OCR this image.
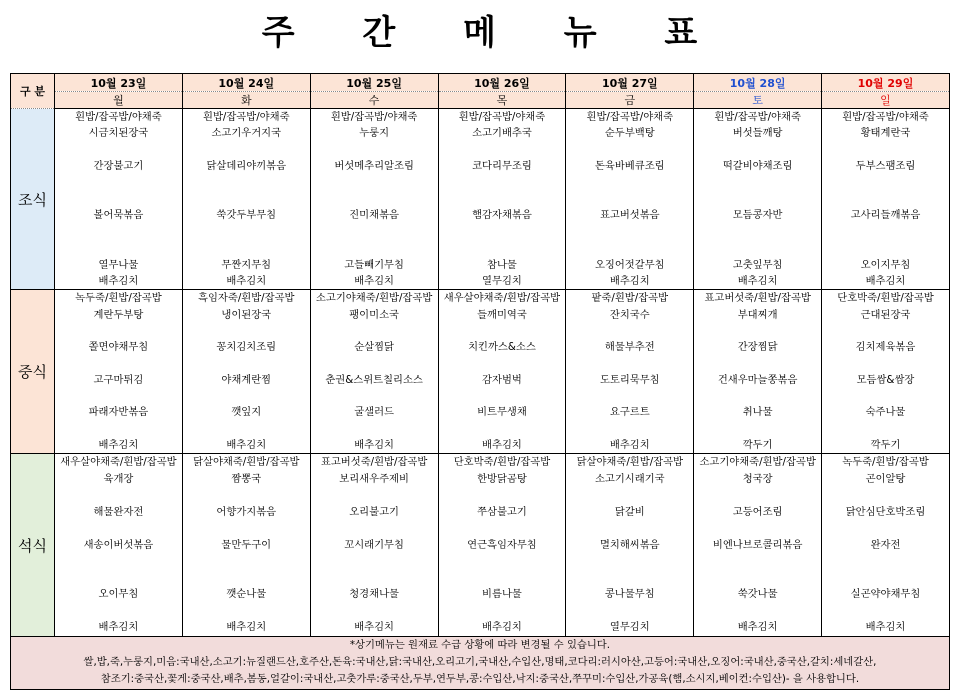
주 간 메 뉴 표
구 분	10월 23일	10월 24일	10월 25일	10월 26일	10월 27일	10월 28일	10월 29일
	월	화	수	목	금	토	일
조식	흰밥/잡곡밥/야채죽	흰밥/잡곡밥/야채죽	흰밥/잡곡밥/야채죽	흰밥/잡곡밥/야채죽	흰밥/잡곡밥/야채죽	흰밥/잡곡밥/야채죽	흰밥/잡곡밥/야채죽
	시금치된장국	소고기우거지국	누룽지	소고기배추국	순두부백탕	버섯들깨탕	황태계란국

	간장불고기	닭살데리야끼볶음	버섯메추리알조림	코다리무조림	돈육바베큐조림	떡갈비야채조림	두부스팸조림

	볼어묵볶음	쑥갓두부무침	진미채볶음	햄감자채볶음	표고버섯볶음	모듬콩자반	고사리들깨볶음

	열무나물	무짠지무침	고들빼기무침	참나물	오징어젓갈무침	고춧잎무침	오이지무침
	배추김치	배추김치	배추김치	열무김치	배추김치	배추김치	배추김치
중식	녹두죽/흰밥/잡곡밥	흑임자죽/흰밥/잡곡밥	소고기야채죽/흰밥/잡곡밥	새우살야채죽/흰밥/잡곡밥	팥죽/흰밥/잡곡밥	표고버섯죽/흰밥/잡곡밥	단호박죽/흰밥/잡곡밥
	계란두부탕	냉이된장국	팽이미소국	들깨미역국	잔치국수	부대찌개	근대된장국

	쫄면야채무침	꽁치김치조림	순살찜닭	치킨까스&소스	해물부추전	간장찜닭	김치제육볶음

	고구마튀김	야채계란찜	춘권&스위트칠리소스	감자범벅	도토리묵무침	건새우마늘쫑볶음	모듬쌈&쌈장

	파래자반볶음	깻잎지	굴샐러드	비트무생채	요구르트	취나물	숙주나물

	배추김치	배추김치	배추김치	배추김치	배추김치	깍두기	깍두기
석식	새우살야채죽/흰밥/잡곡밥	닭살야채죽/흰밥/잡곡밥	표고버섯죽/흰밥/잡곡밥	단호박죽/흰밥/잡곡밥	닭살야채죽/흰밥/잡곡밥	소고기야채죽/흰밥/잡곡밥	녹두죽/흰밥/잡곡밥
	육개장	짬뽕국	보리새우주제비	한방닭곰탕	소고기시래기국	청국장	곤이알탕

	해물완자전	어향가지볶음	오리불고기	쭈삼불고기	닭갈비	고등어조림	닭안심단호박조림

	새송이버섯볶음	물만두구이	꼬시래기무침	연근흑임자무침	멸치해씨볶음	비엔나브로콜리볶음	완자전

	오이무침	깻순나물	청경채나물	비름나물	콩나물무침	쑥갓나물	실곤약야채무침

	배추김치	배추김치	배추김치	배추김치	열무김치	배추김치	배추김치

*상기메뉴는 원재료 수급 상황에 따라 변경될 수 있습니다.
쌀,밥,죽,누룽지,미음:국내산,소고기:뉴질랜드산,호주산,돈육:국내산,닭:국내산,오리고기,국내산,수입산,명태,코다리:러시아산,고등어:국내산,오징어:국내산,중국산,갈치:세네갈산,
참조기:중국산,꽃게:중국산,배추,봄동,얼갈이:국내산,고춧가루:중국산,두부,연두부,콩:수입산,낙지:중국산,쭈꾸미:수입산,가공육(햄,소시지,베이컨:수입산)- 을 사용합니다.							
